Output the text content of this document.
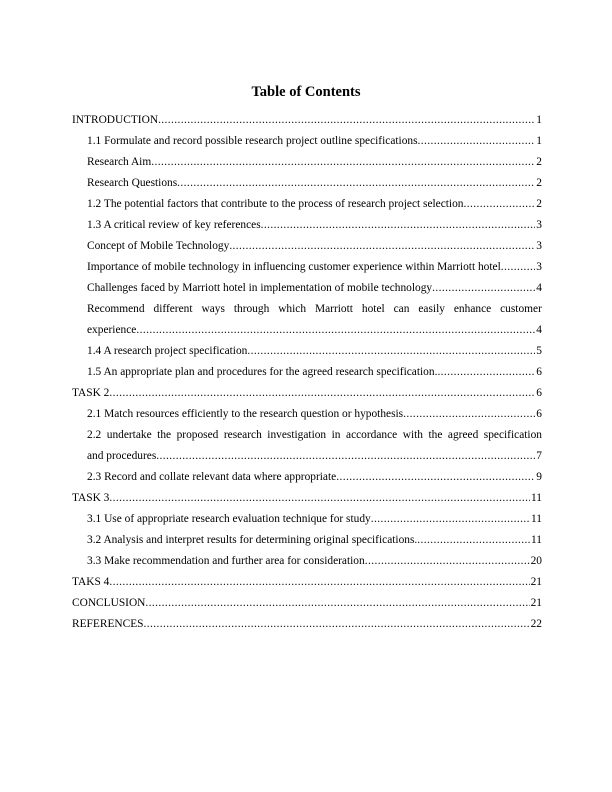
Table of Contents
INTRODUCTION .....	1
1.1 Formulate and record possible research project outline specifications .....	1
Research Aim .....	2
Research Questions .....	2
1.2 The potential factors that contribute to the process of research project selection .....	2
1.3 A critical review of key references .....	3
Concept of Mobile Technology .....	3
Importance of mobile technology in influencing customer experience within Marriott hotel .....	3
Challenges faced by Marriott hotel in implementation of mobile technology .....	4
Recommend different ways through which Marriott hotel can easily enhance customer
experience .....	4
1.4 A research project specification .....	5
1.5 An appropriate plan and procedures for the agreed research specification. .....	6
TASK 2 .....	6
2.1 Match resources efficiently to the research question or hypothesis .....	6
2.2 undertake the proposed research investigation in accordance with the agreed specification
and procedures .....	7
2.3 Record and collate relevant data where appropriate .....	9
TASK 3 .....	11
3.1 Use of appropriate research evaluation technique for study .....	11
3.2 Analysis and interpret results for determining original specifications. .....	11
3.3 Make recommendation and further area for consideration .....	20
TAKS 4 .....	21
CONCLUSION .....	21
REFERENCES .....	22
